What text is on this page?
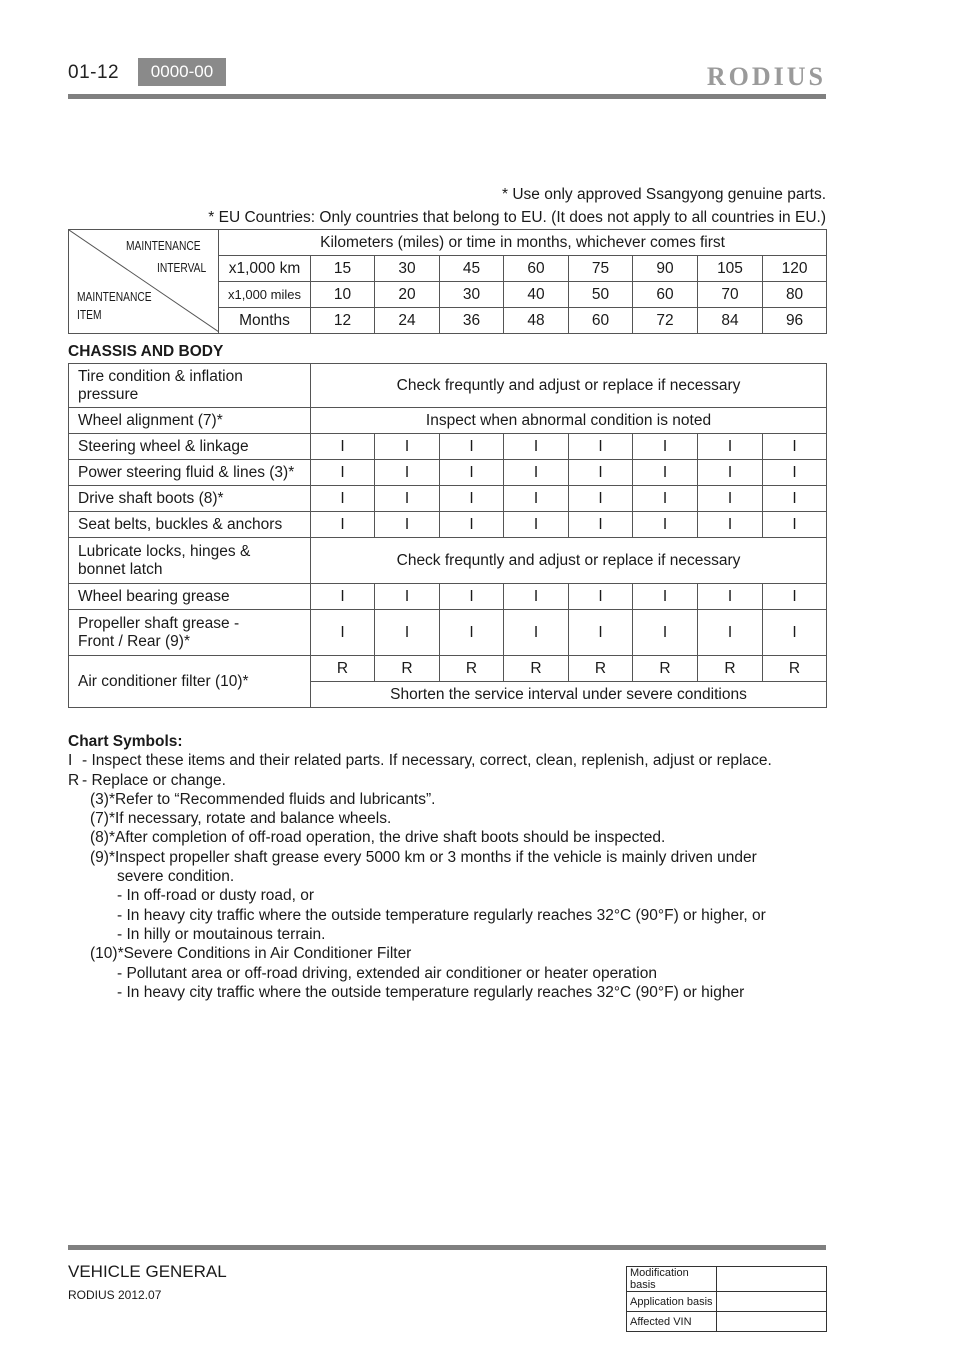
01-12	0000-00	RODIUS
* Use only approved Ssangyong genuine parts.
* EU Countries: Only countries that belong to EU. (It does not apply to all countries in EU.)
MAINTENANCE
INTERVAL
MAINTENANCE
ITEM	Kilometers (miles) or time in months, whichever comes first								
	x1,000 km	15	30	45	60	75	90	105	120
	x1,000 miles	10	20	30	40	50	60	70	80
	Months	12	24	36	48	60	72	84	96
CHASSIS AND BODY
Tire condition & inflation
pressure	Check frequntly and adjust or replace if necessary							
Wheel alignment (7)*	Inspect when abnormal condition is noted							
Steering wheel & linkage	I	I	I	I	I	I	I	I
Power steering fluid & lines (3)*	I	I	I	I	I	I	I	I
Drive shaft boots (8)*	I	I	I	I	I	I	I	I
Seat belts, buckles & anchors	I	I	I	I	I	I	I	I
Lubricate locks, hinges &
bonnet latch	Check frequntly and adjust or replace if necessary							
Wheel bearing grease	I	I	I	I	I	I	I	I
Propeller shaft grease -
Front / Rear (9)*	I	I	I	I	I	I	I	I
Air conditioner filter (10)*	R	R	R	R	R	R	R	R
	Shorten the service interval under severe conditions							
Chart Symbols:
I - Inspect these items and their related parts. If necessary, correct, clean, replenish, adjust or replace.
R - Replace or change.
(3)*Refer to “Recommended fluids and lubricants”.
(7)*If necessary, rotate and balance wheels.
(8)*After completion of off-road operation, the drive shaft boots should be inspected.
(9)*Inspect propeller shaft grease every 5000 km or 3 months if the vehicle is mainly driven under
severe condition.
- In off-road or dusty road, or
- In heavy city traffic where the outside temperature regularly reaches 32°C (90°F) or higher, or
- In hilly or moutainous terrain.
(10)*Severe Conditions in Air Conditioner Filter
- Pollutant area or off-road driving, extended air conditioner or heater operation
- In heavy city traffic where the outside temperature regularly reaches 32°C (90°F) or higher
VEHICLE GENERAL
RODIUS 2012.07
Modification basis	
Application basis	
Affected VIN	
